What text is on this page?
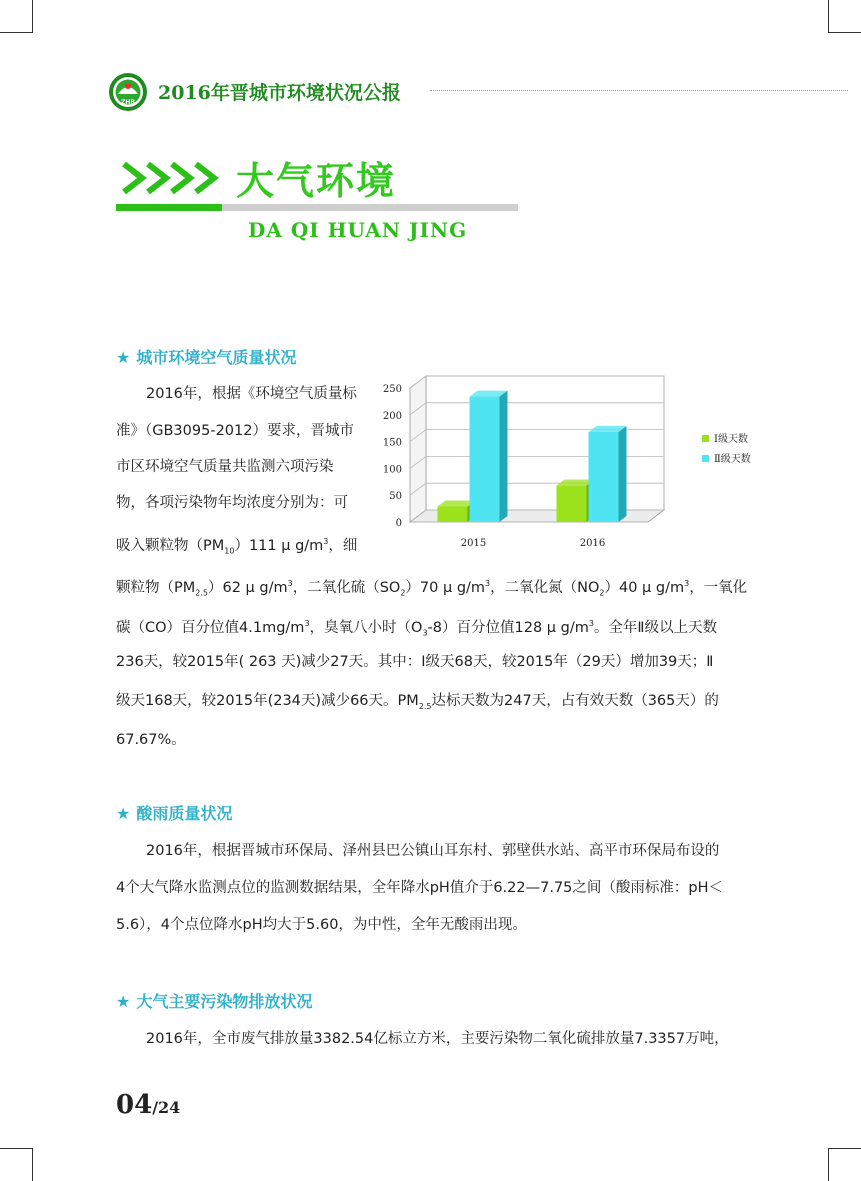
ZHB 2016年晋城市环境状况公报
大气环境
DA QI HUAN JING
★ 城市环境空气质量状况
2016年，根据《环境空气质量标
准》（GB3095-2012）要求，晋城市
市区环境空气质量共监测六项污染
物，各项污染物年均浓度分别为：可
吸入颗粒物$(PM_{10})111$ μ $g/m^3$，细
颗粒物$(PM_{2.5})62$ μ $g/m^3$，二氧化硫$(SO_2)70$ μ $g/m^3$，二氧化氮$(NO_2)40$ μ $g/m^3$，一氧化
碳（CO）百分位值$4.1mg/m^3$，臭氧八小时$(O_3-8)$百分位值128 μ $g/m^3$。全年Ⅱ级以上天数
236天，较2015年( 263 天)减少27天。其中：Ⅰ级天68天，较2015年（29天）增加39天；Ⅱ
级天168天，较2015年(234天)减少66天。$PM_{2.5}$达标天数为247天，占有效天数（365天）的
67.67%。
0
50
100
150
200
250
2015	2016
Ⅰ级天数
Ⅱ级天数
★ 酸雨质量状况
2016年，根据晋城市环保局、泽州县巴公镇山耳东村、郭壁供水站、高平市环保局布设的
4个大气降水监测点位的监测数据结果，全年降水pH值介于6.22—7.75之间（酸雨标准：pH＜
5.6），4个点位降水pH均大于5.60，为中性，全年无酸雨出现。
★ 大气主要污染物排放状况
2016年，全市废气排放量3382.54亿标立方米，主要污染物二氧化硫排放量7.3357万吨，
04/24
